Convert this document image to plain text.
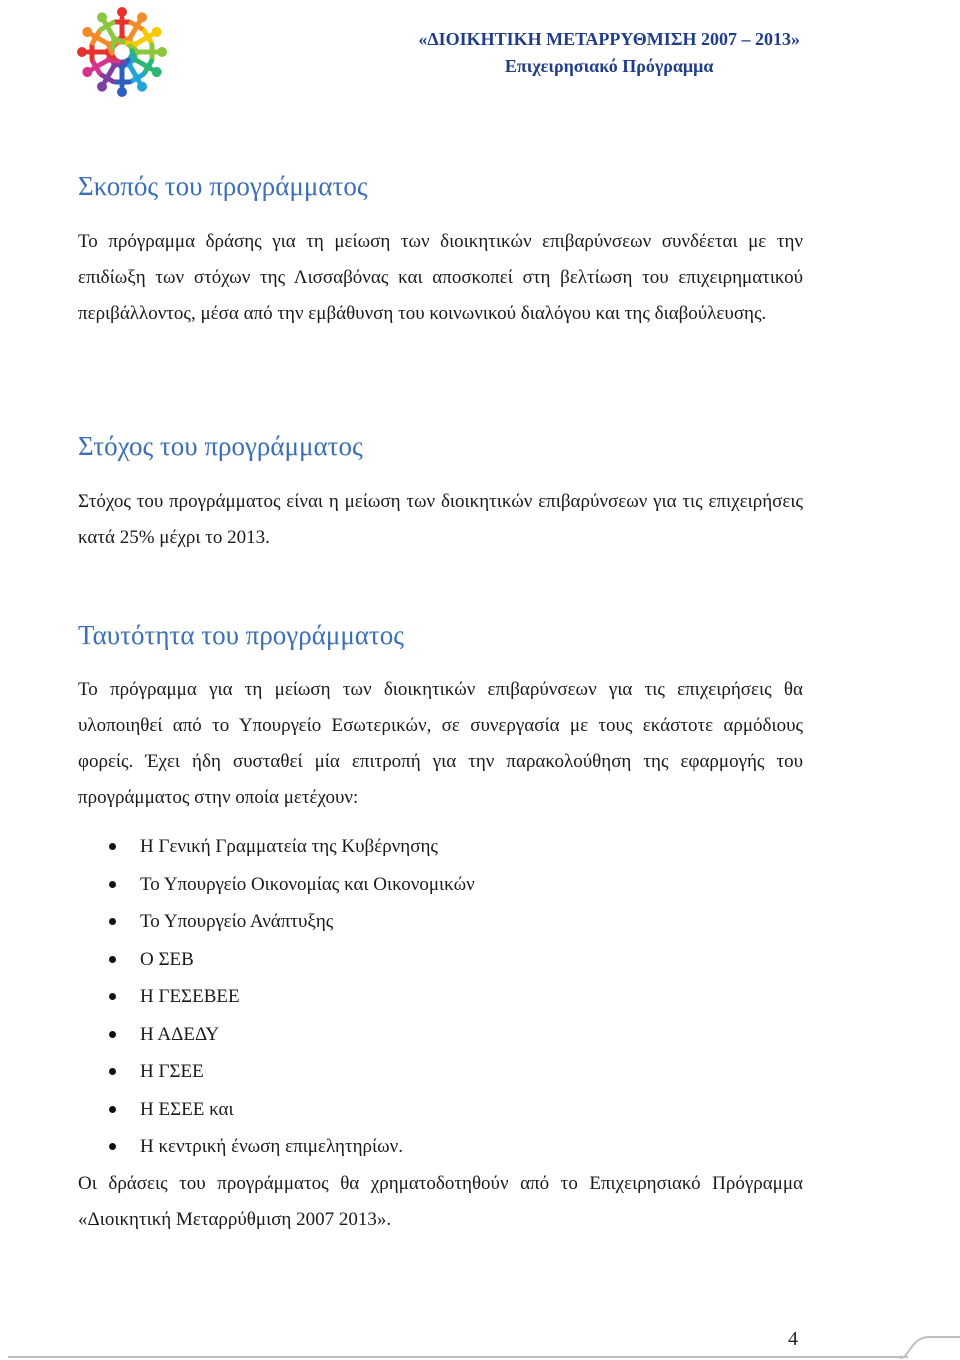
«ΔΙΟΙΚΗΤΙΚΗ ΜΕΤΑΡΡΥΘΜΙΣΗ 2007 – 2013»
Επιχειρησιακό Πρόγραμμα
Σκοπός του προγράμματος

Το πρόγραμμα δράσης για τη μείωση των διοικητικών επιβαρύνσεων συνδέεται με την επιδίωξη των στόχων της Λισσαβόνας και αποσκοπεί στη βελτίωση του επιχειρηματικού περιβάλλοντος, μέσα από την εμβάθυνση του κοινωνικού διαλόγου και της διαβούλευσης.

Στόχος του προγράμματος

Στόχος του προγράμματος είναι η μείωση των διοικητικών επιβαρύνσεων για τις επιχειρήσεις κατά 25% μέχρι το 2013.

Ταυτότητα του προγράμματος

Το πρόγραμμα για τη μείωση των διοικητικών επιβαρύνσεων για τις επιχειρήσεις θα υλοποιηθεί από το Υπουργείο Εσωτερικών, σε συνεργασία με τους εκάστοτε αρμόδιους φορείς. Έχει ήδη συσταθεί μία επιτροπή για την παρακολούθηση της εφαρμογής του προγράμματος στην οποία μετέχουν:

Η Γενική Γραμματεία της Κυβέρνησης
Το Υπουργείο Οικονομίας και Οικονομικών
Το Υπουργείο Ανάπτυξης
Ο ΣΕΒ
Η ΓΕΣΕΒΕΕ
Η ΑΔΕΔΥ
Η ΓΣΕΕ
Η ΕΣΕΕ και
Η κεντρική ένωση επιμελητηρίων.

Οι δράσεις του προγράμματος θα χρηματοδοτηθούν από το Επιχειρησιακό Πρόγραμμα «Διοικητική Μεταρρύθμιση 2007 2013».

4
